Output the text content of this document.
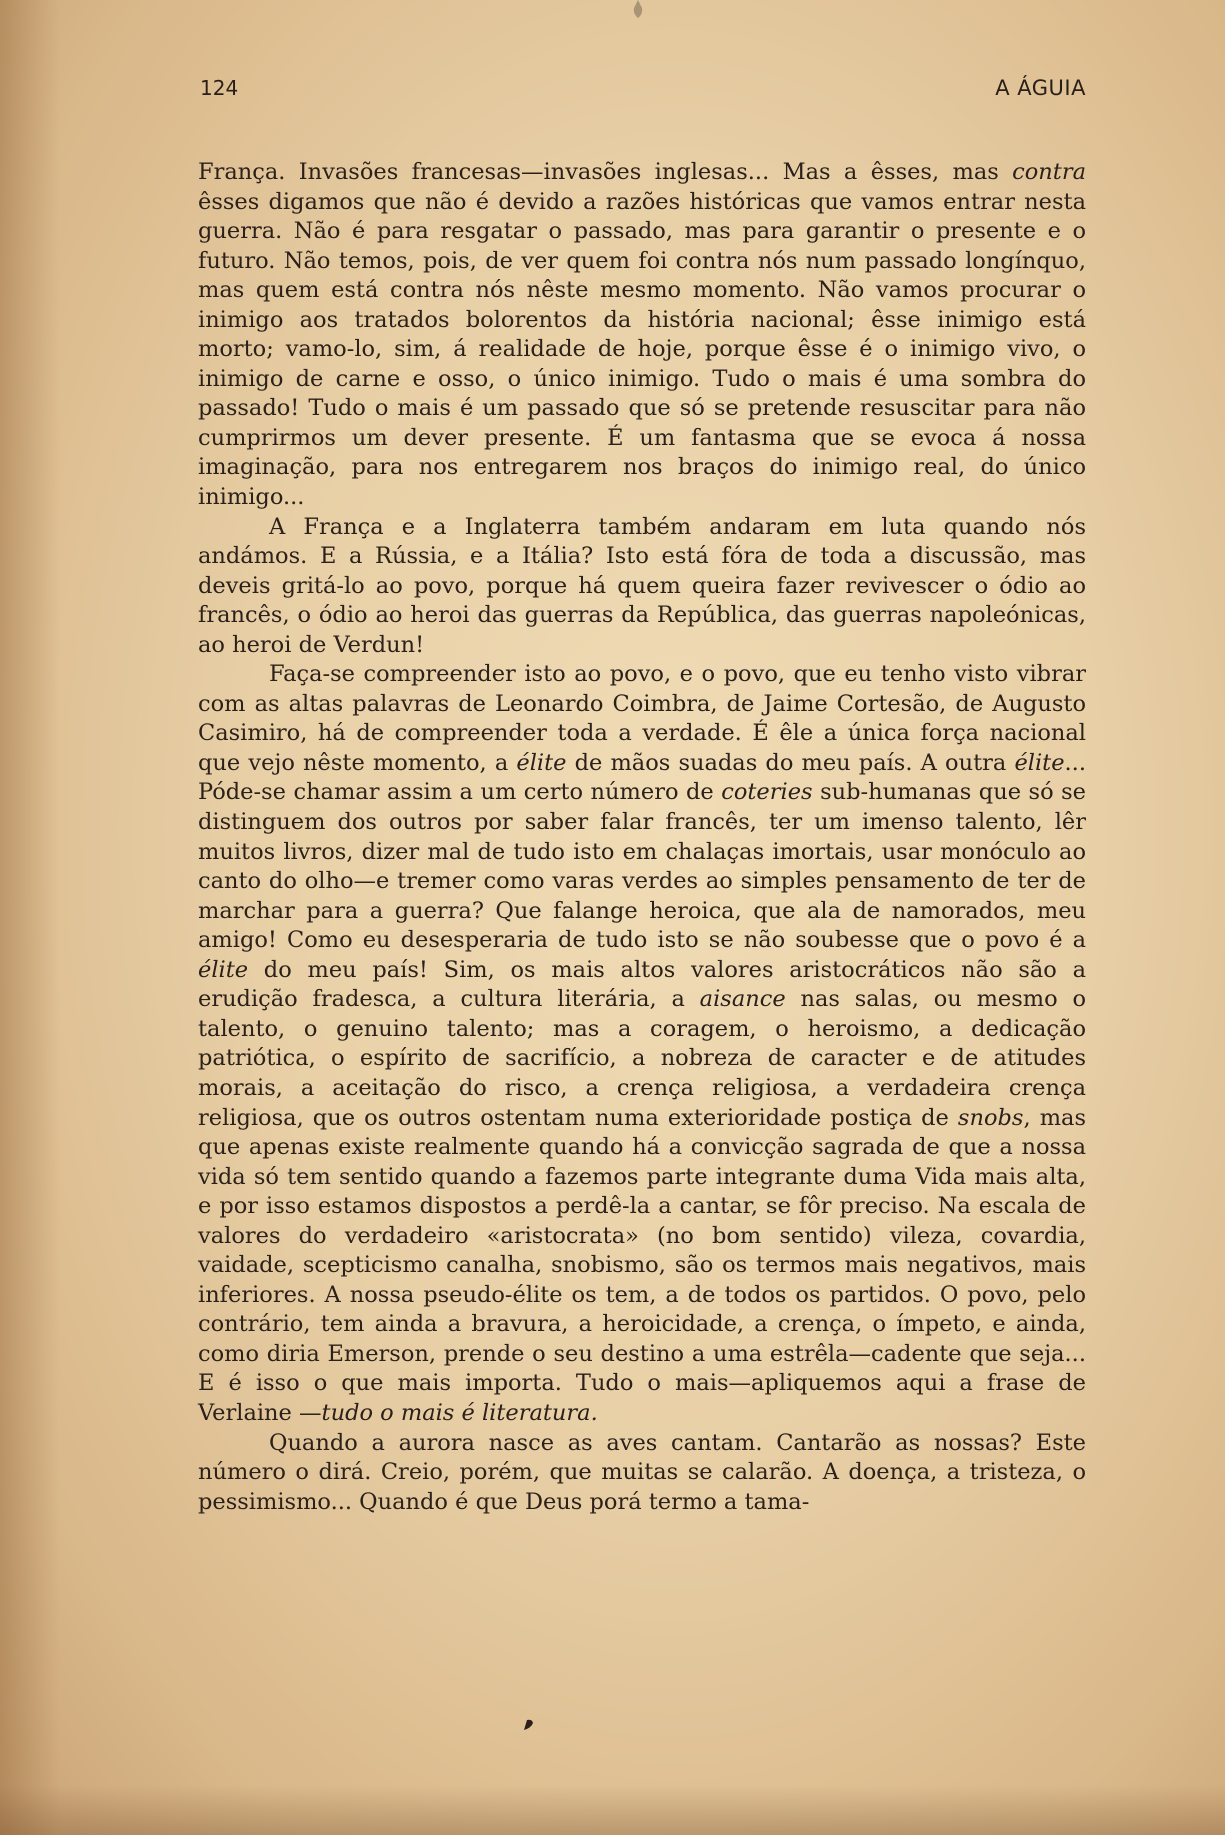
124	A ÁGUIA

França. Invasões francesas—invasões inglesas... Mas a êsses, mas contra êsses digamos que não é devido a razões históricas que vamos entrar nesta guerra. Não é para resgatar o passado, mas para garantir o presente e o futuro. Não temos, pois, de ver quem foi contra nós num passado longínquo, mas quem está contra nós nêste mesmo momento. Não vamos procurar o inimigo aos tratados bolorentos da história nacional; êsse inimigo está morto; vamo-lo, sim, á realidade de hoje, porque êsse é o inimigo vivo, o inimigo de carne e osso, o único inimigo. Tudo o mais é uma sombra do passado! Tudo o mais é um passado que só se pretende resuscitar para não cumprirmos um dever presente. É um fantasma que se evoca á nossa imaginação, para nos entregarem nos braços do inimigo real, do único inimigo...

A França e a Inglaterra também andaram em luta quando nós andámos. E a Rússia, e a Itália? Isto está fóra de toda a discussão, mas deveis gritá-lo ao povo, porque há quem queira fazer revivescer o ódio ao francês, o ódio ao heroi das guerras da República, das guerras napoleónicas, ao heroi de Verdun!

Faça-se compreender isto ao povo, e o povo, que eu tenho visto vibrar com as altas palavras de Leonardo Coimbra, de Jaime Cortesão, de Augusto Casimiro, há de compreender toda a verdade. É êle a única força nacional que vejo nêste momento, a élite de mãos suadas do meu país. A outra élite... Póde-se chamar assim a um certo número de coteries sub-humanas que só se distinguem dos outros por saber falar francês, ter um imenso talento, lêr muitos livros, dizer mal de tudo isto em chalaças imortais, usar monóculo ao canto do olho—e tremer como varas verdes ao simples pensamento de ter de marchar para a guerra? Que falange heroica, que ala de namorados, meu amigo! Como eu desesperaria de tudo isto se não soubesse que o povo é a élite do meu país! Sim, os mais altos valores aristocráticos não são a erudição fradesca, a cultura literária, a aisance nas salas, ou mesmo o talento, o genuino talento; mas a coragem, o heroismo, a dedicação patriótica, o espírito de sacrifício, a nobreza de caracter e de atitudes morais, a aceitação do risco, a crença religiosa, a verdadeira crença religiosa, que os outros ostentam numa exterioridade postiça de snobs, mas que apenas existe realmente quando há a convicção sagrada de que a nossa vida só tem sentido quando a fazemos parte integrante duma Vida mais alta, e por isso estamos dispostos a perdê-la a cantar, se fôr preciso. Na escala de valores do verdadeiro «aristocrata» (no bom sentido) vileza, covardia, vaidade, scepticismo canalha, snobismo, são os termos mais negativos, mais inferiores. A nossa pseudo-élite os tem, a de todos os partidos. O povo, pelo contrário, tem ainda a bravura, a heroicidade, a crença, o ímpeto, e ainda, como diria Emerson, prende o seu destino a uma estrêla—cadente que seja... E é isso o que mais importa. Tudo o mais—apliquemos aqui a frase de Verlaine —tudo o mais é literatura.

Quando a aurora nasce as aves cantam. Cantarão as nossas? Este número o dirá. Creio, porém, que muitas se calarão. A doença, a tristeza, o pessimismo... Quando é que Deus porá termo a tama-
